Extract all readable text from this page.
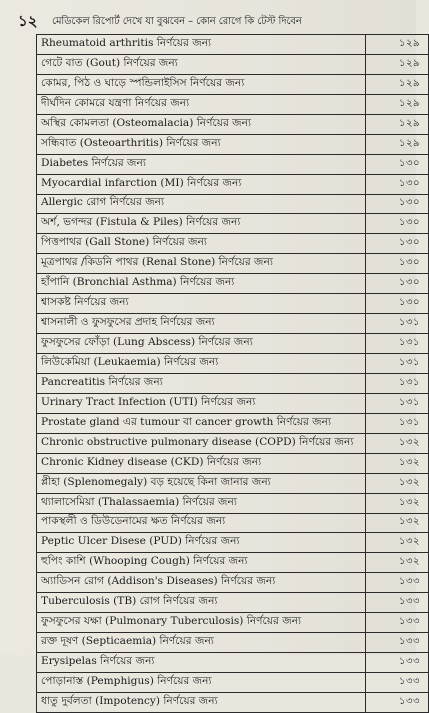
১২	মেডিকেল রিপোর্ট দেখে যা বুঝবেন – কোন রোগে কি টেস্ট দিবেন
Rheumatoid arthritis নির্ণয়ের জন্য	১২৯
গেটে বাত (Gout) নির্ণয়ের জন্য	১২৯
কোমর, পিঠ ও ঘাড়ে স্পন্ডিলাইসিস নির্ণয়ের জন্য	১২৯
দীর্ঘদিন কোমরে যন্ত্রণা নির্ণয়ের জন্য	১২৯
অস্থির কোমলতা (Osteomalacia) নির্ণয়ের জন্য	১২৯
সন্ধিবাত (Osteoarthritis) নির্ণয়ের জন্য	১২৯
Diabetes নির্ণয়ের জন্য	১৩০
Myocardial infarction (MI) নির্ণয়ের জন্য	১৩০
Allergic রোগ নির্ণয়ের জন্য	১৩০
অর্শ, ভগন্দর (Fistula & Piles) নির্ণয়ের জন্য	১৩০
পিত্তপাথর (Gall Stone) নির্ণয়ের জন্য	১৩০
মূত্রপাথর /কিডনি পাথর (Renal Stone) নির্ণয়ের জন্য	১৩০
হাঁপানি (Bronchial Asthma) নির্ণয়ের জন্য	১৩০
শ্বাসকষ্ট নির্ণয়ের জন্য	১৩০
শ্বাসনালী ও ফুসফুসের প্রদাহ নির্ণয়ের জন্য	১৩১
ফুসফুসের ফোঁড়া (Lung Abscess) নির্ণয়ের জন্য	১৩১
লিউকেমিয়া (Leukaemia) নির্ণয়ের জন্য	১৩১
Pancreatitis নির্ণয়ের জন্য	১৩১
Urinary Tract Infection (UTI) নির্ণয়ের জন্য	১৩১
Prostate gland এর tumour বা cancer growth নির্ণয়ের জন্য	১৩১
Chronic obstructive pulmonary disease (COPD) নির্ণয়ের জন্য	১৩২
Chronic Kidney disease (CKD) নির্ণয়ের জন্য	১৩২
প্লীহা (Splenomegaly) বড় হয়েছে কিনা জানার জন্য	১৩২
থ্যালাসেমিয়া (Thalassaemia) নির্ণয়ের জন্য	১৩২
পাকস্থলী ও ডিউডেনামের ক্ষত নির্ণয়ের জন্য	১৩২
Peptic Ulcer Disese (PUD) নির্ণয়ের জন্য	১৩২
হুপিং কাশি (Whooping Cough) নির্ণয়ের জন্য	১৩২
অ্যাডিসন রোগ (Addison's Diseases) নির্ণয়ের জন্য	১৩৩
Tuberculosis (TB) রোগ নির্ণয়ের জন্য	১৩৩
ফুসফুসের যক্ষা (Pulmonary Tuberculosis) নির্ণয়ের জন্য	১৩৩
রক্ত দূষণ (Septicaemia) নির্ণয়ের জন্য	১৩৩
Erysipelas নির্ণয়ের জন্য	১৩৩
পোড়ানাস্ত (Pemphigus) নির্ণয়ের জন্য	১৩৩
ধাতু দুর্বলতা (Impotency) নির্ণয়ের জন্য	১৩৩
